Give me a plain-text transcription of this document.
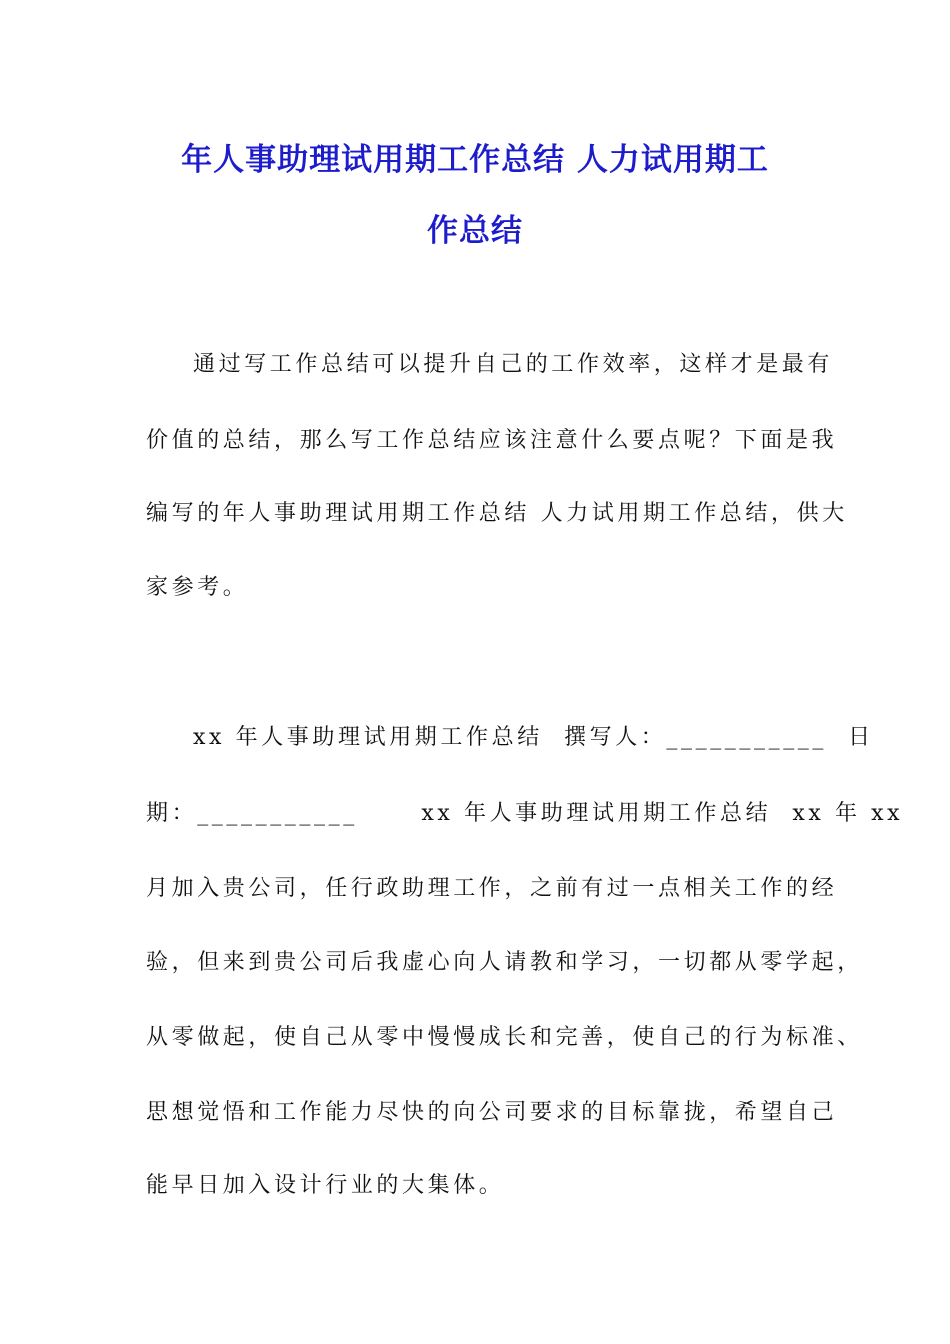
年人事助理试用期工作总结 人力试用期工
作总结
通过写工作总结可以提升自己的工作效率，这样才是最有
价值的总结，那么写工作总结应该注意什么要点呢？下面是我
编写的年人事助理试用期工作总结 人力试用期工作总结，供大
家参考。
xx 年人事助理试用期工作总结  撰写人：___________  日
期：___________      xx 年人事助理试用期工作总结  xx 年 xx
月加入贵公司，任行政助理工作，之前有过一点相关工作的经
验，但来到贵公司后我虚心向人请教和学习，一切都从零学起，
从零做起，使自己从零中慢慢成长和完善，使自己的行为标准、
思想觉悟和工作能力尽快的向公司要求的目标靠拢，希望自己
能早日加入设计行业的大集体。
